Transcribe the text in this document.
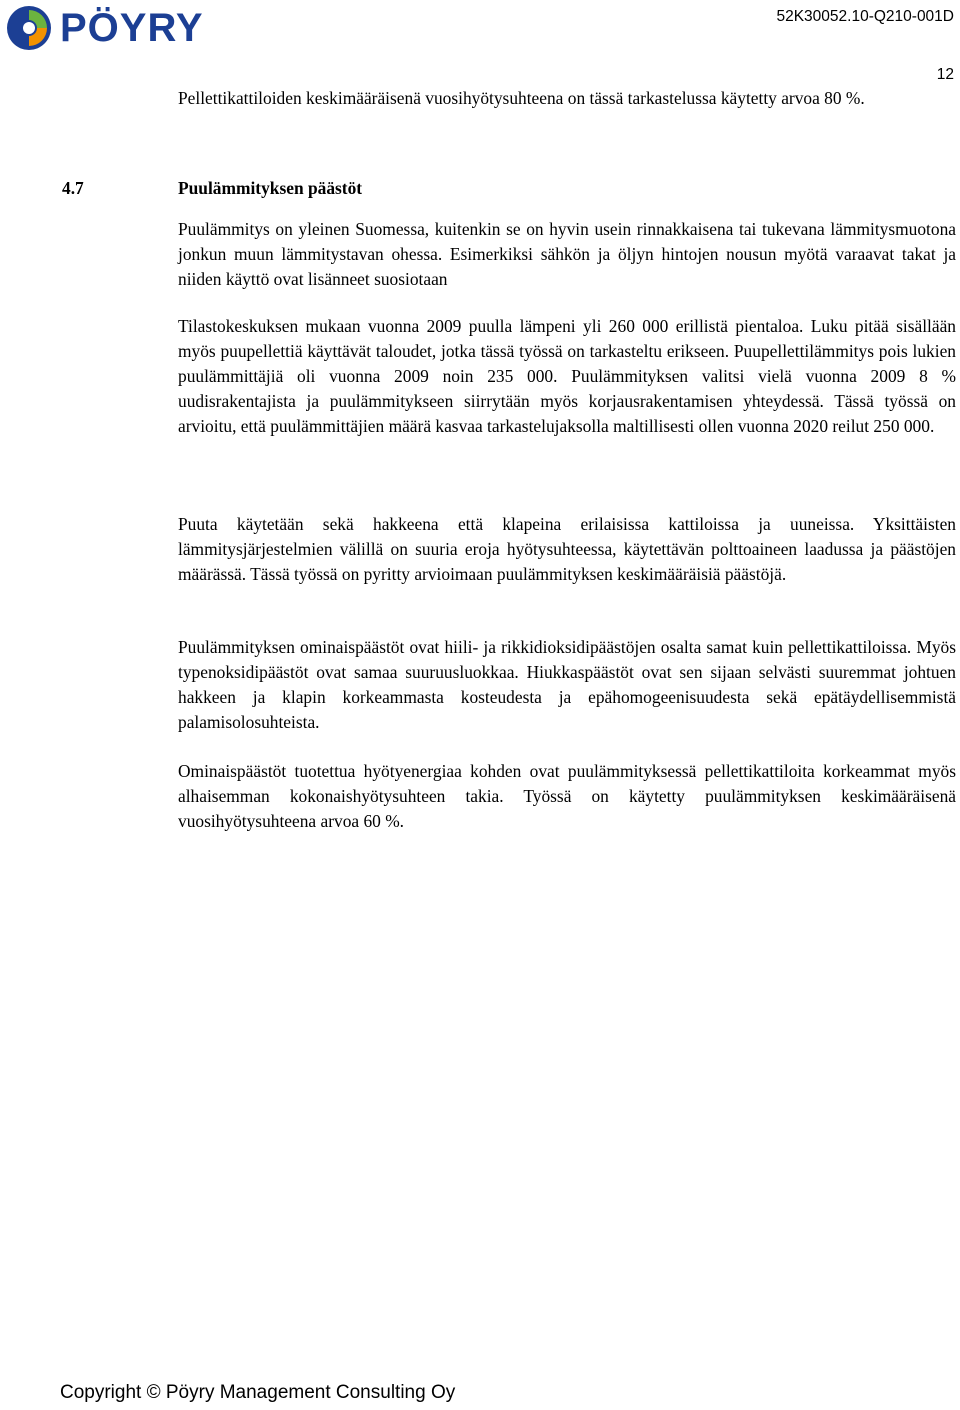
PÖYRY	52K30052.10-Q210-001D
12

Pellettikattiloiden keskimääräisenä vuosihyötysuhteena on tässä tarkastelussa käytetty arvoa 80 %.

4.7	Puulämmityksen päästöt

Puulämmitys on yleinen Suomessa, kuitenkin se on hyvin usein rinnakkaisena tai tukevana lämmitysmuotona jonkun muun lämmitystavan ohessa. Esimerkiksi sähkön ja öljyn hintojen nousun myötä varaavat takat ja niiden käyttö ovat lisänneet suosiotaan

Tilastokeskuksen mukaan vuonna 2009 puulla lämpeni yli 260 000 erillistä pientaloa. Luku pitää sisällään myös puupellettiä käyttävät taloudet, jotka tässä työssä on tarkasteltu erikseen. Puupellettilämmitys pois lukien puulämmittäjiä oli vuonna 2009 noin 235 000. Puulämmityksen valitsi vielä vuonna 2009 8 % uudisrakentajista ja puulämmitykseen siirrytään myös korjausrakentamisen yhteydessä. Tässä työssä on arvioitu, että puulämmittäjien määrä kasvaa tarkastelujaksolla maltillisesti ollen vuonna 2020 reilut 250 000.

Puuta käytetään sekä hakkeena että klapeina erilaisissa kattiloissa ja uuneissa. Yksittäisten lämmitysjärjestelmien välillä on suuria eroja hyötysuhteessa, käytettävän polttoaineen laadussa ja päästöjen määrässä. Tässä työssä on pyritty arvioimaan puulämmityksen keskimääräisiä päästöjä.

Puulämmityksen ominaispäästöt ovat hiili- ja rikkidioksidipäästöjen osalta samat kuin pellettikattiloissa. Myös typenoksidipäästöt ovat samaa suuruusluokkaa. Hiukkaspäästöt ovat sen sijaan selvästi suuremmat johtuen hakkeen ja klapin korkeammasta kosteudesta ja epähomogeenisuudesta sekä epätäydellisemmistä palamisolosuhteista.

Ominaispäästöt tuotettua hyötyenergiaa kohden ovat puulämmityksessä pellettikattiloita korkeammat myös alhaisemman kokonaishyötysuhteen takia. Työssä on käytetty puulämmityksen keskimääräisenä vuosihyötysuhteena arvoa 60 %.

Copyright © Pöyry Management Consulting Oy
